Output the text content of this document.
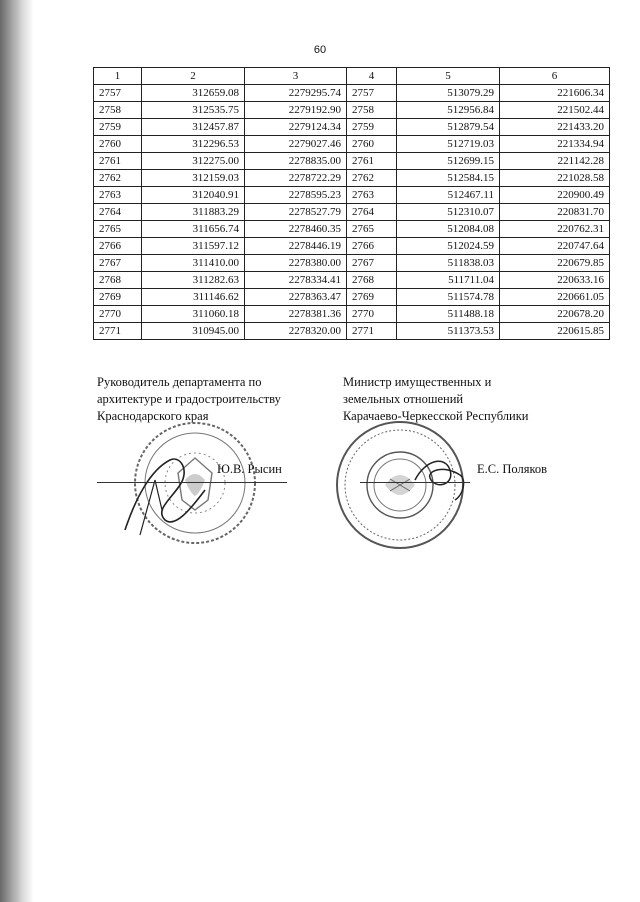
60
1	2	3	4	5	6
2757	312659.08	2279295.74	2757	513079.29	221606.34
2758	312535.75	2279192.90	2758	512956.84	221502.44
2759	312457.87	2279124.34	2759	512879.54	221433.20
2760	312296.53	2279027.46	2760	512719.03	221334.94
2761	312275.00	2278835.00	2761	512699.15	221142.28
2762	312159.03	2278722.29	2762	512584.15	221028.58
2763	312040.91	2278595.23	2763	512467.11	220900.49
2764	311883.29	2278527.79	2764	512310.07	220831.70
2765	311656.74	2278460.35	2765	512084.08	220762.31
2766	311597.12	2278446.19	2766	512024.59	220747.64
2767	311410.00	2278380.00	2767	511838.03	220679.85
2768	311282.63	2278334.41	2768	511711.04	220633.16
2769	311146.62	2278363.47	2769	511574.78	220661.05
2770	311060.18	2278381.36	2770	511488.18	220678.20
2771	310945.00	2278320.00	2771	511373.53	220615.85
Руководитель департамента по
архитектуре и градостроительству
Краснодарского края
Ю.В. Рысин
Министр имущественных и
земельных отношений
Карачаево-Черкесской Республики
Е.С. Поляков
